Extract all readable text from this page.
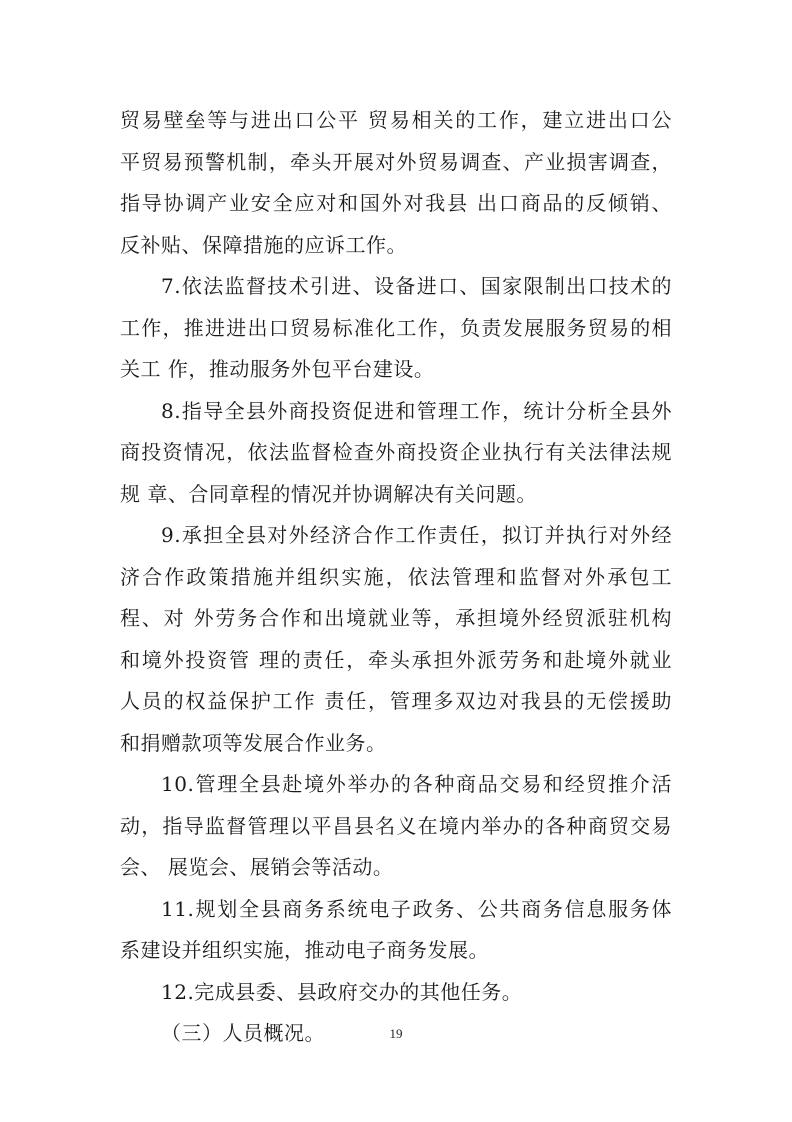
贸易壁垒等与进出口公平 贸易相关的工作，建立进出口公
平贸易预警机制，牵头开展对外贸易调查、产业损害调查，
指导协调产业安全应对和国外对我县 出口商品的反倾销、
反补贴、保障措施的应诉工作。
7.依法监督技术引进、设备进口、国家限制出口技术的
工作，推进进出口贸易标准化工作，负责发展服务贸易的相
关工 作，推动服务外包平台建设。
8.指导全县外商投资促进和管理工作，统计分析全县外
商投资情况，依法监督检查外商投资企业执行有关法律法规
规 章、合同章程的情况并协调解决有关问题。
9.承担全县对外经济合作工作责任，拟订并执行对外经
济合作政策措施并组织实施，依法管理和监督对外承包工
程、对 外劳务合作和出境就业等，承担境外经贸派驻机构
和境外投资管 理的责任，牵头承担外派劳务和赴境外就业
人员的权益保护工作 责任，管理多双边对我县的无偿援助
和捐赠款项等发展合作业务。
10.管理全县赴境外举办的各种商品交易和经贸推介活
动，指导监督管理以平昌县名义在境内举办的各种商贸交易
会、 展览会、展销会等活动。
11.规划全县商务系统电子政务、公共商务信息服务体
系建设并组织实施，推动电子商务发展。
12.完成县委、县政府交办的其他任务。
（三）人员概况。	19
